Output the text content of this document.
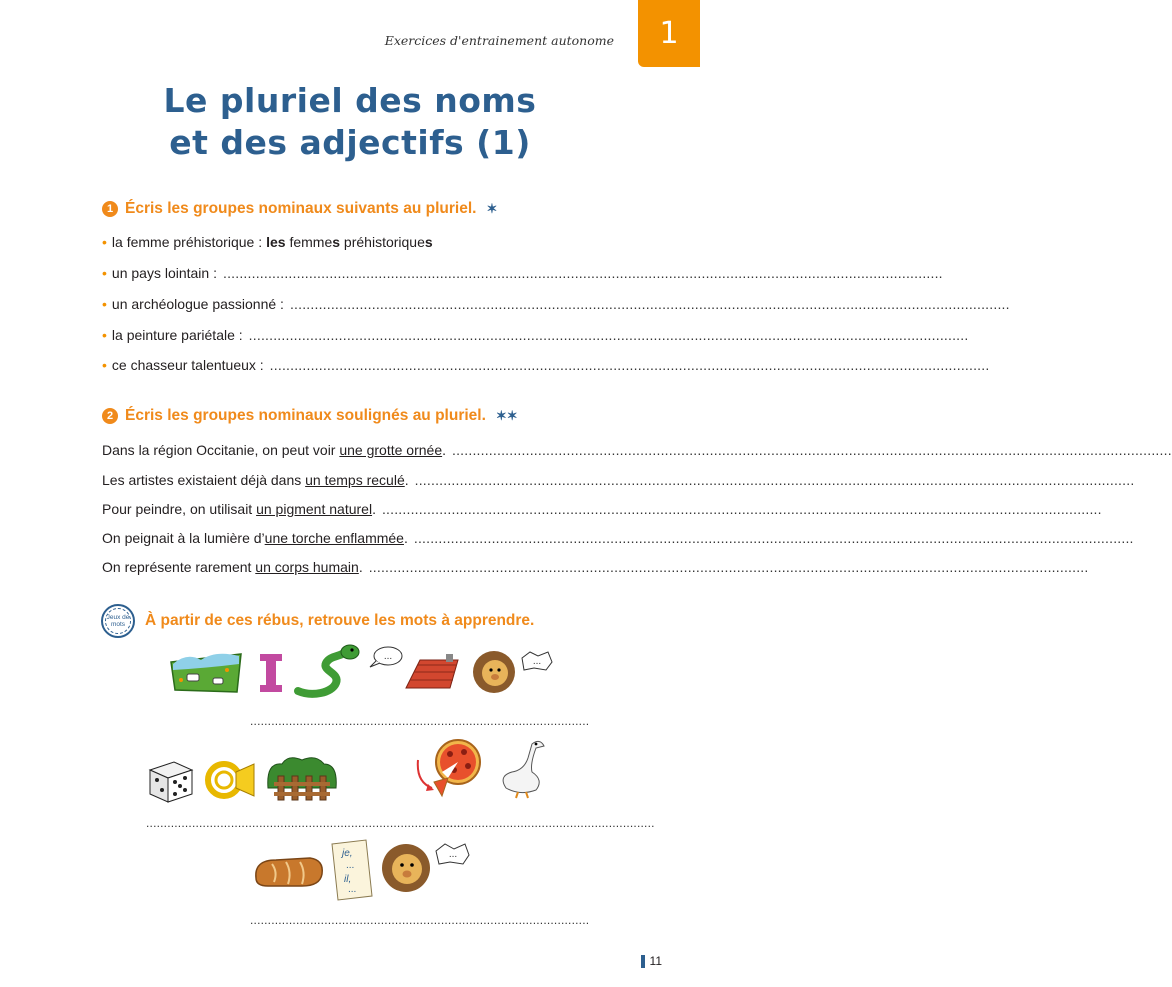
Exercices d'entrainement autonome	1
Le pluriel des noms
et des adjectifs (1)
1 Écris les groupes nominaux suivants au pluriel. ✶
• la femme préhistorique : les femmes préhistoriques
• un pays lointain :
.....
• un archéologue passionné :
.....
• la peinture pariétale :
.....
• ce chasseur talentueux :
.....
2 Écris les groupes nominaux soulignés au pluriel. ✶✶
Dans la région Occitanie, on peut voir une grotte ornée .
.....
Les artistes existaient déjà dans un temps reculé .
.....
Pour peindre, on utilisait un pigment naturel .
.....
On peignait à la lumière d’ une torche enflammée .
.....
On représente rarement un corps humain .
.....
Jeux de mots	À partir de ces rébus, retrouve les mots à apprendre.
I
...	...
................................................................................................
...........................................................................................
...............................................................
je,
...
il,
...
...
................................................................................................
11
